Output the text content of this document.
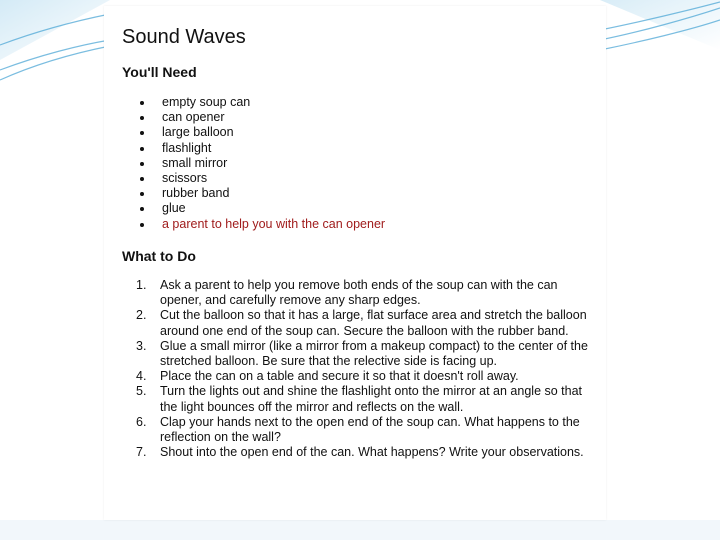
Sound Waves
You'll Need
empty soup can
can opener
large balloon
flashlight
small mirror
scissors
rubber band
glue
a parent to help you with the can opener
What to Do
1. Ask a parent to help you remove both ends of the soup can with the can opener, and carefully remove any sharp edges.
2. Cut the balloon so that it has a large, flat surface area and stretch the balloon around one end of the soup can. Secure the balloon with the rubber band.
3. Glue a small mirror (like a mirror from a makeup compact) to the center of the stretched balloon. Be sure that the relective side is facing up.
4. Place the can on a table and secure it so that it doesn't roll away.
5. Turn the lights out and shine the flashlight onto the mirror at an angle so that the light bounces off the mirror and reflects on the wall.
6. Clap your hands next to the open end of the soup can. What happens to the reflection on the wall?
7. Shout into the open end of the can. What happens? Write your observations.
